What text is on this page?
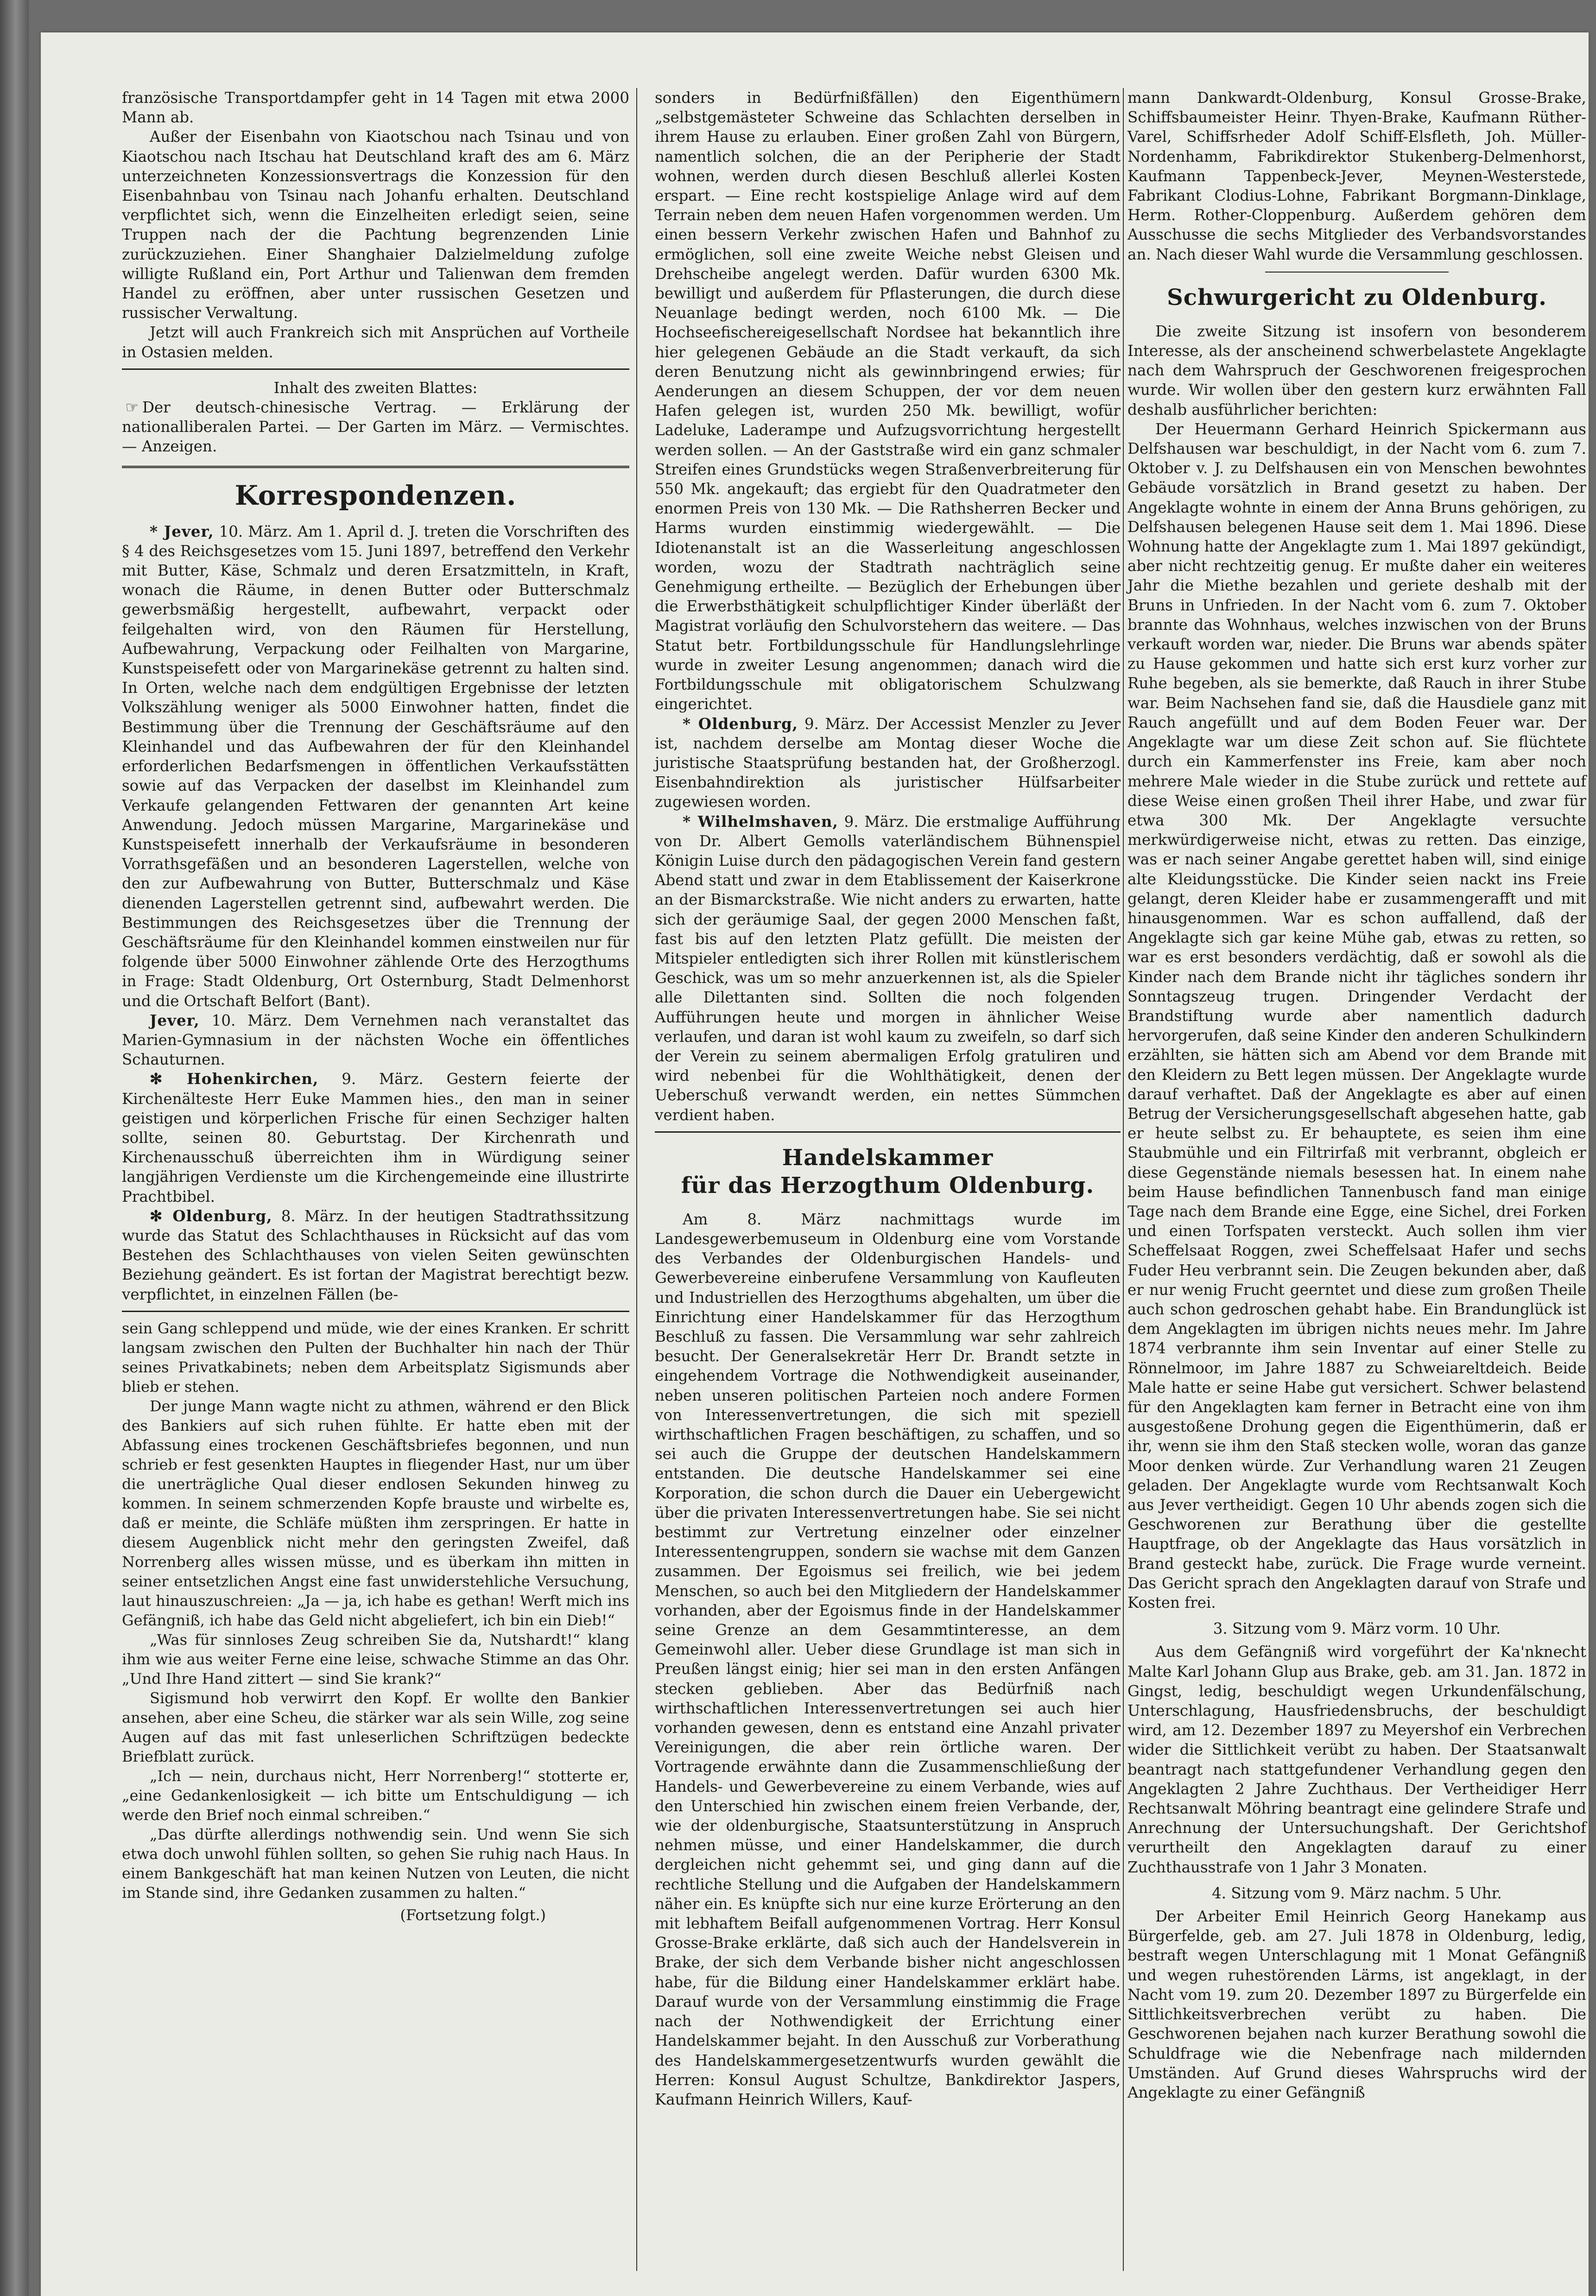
französische Transportdampfer geht in 14 Tagen mit etwa 2000 Mann ab.

Außer der Eisenbahn von Kiaotschou nach Tsinau und von Kiaotschou nach Itschau hat Deutschland kraft des am 6. März unterzeichneten Konzessionsvertrags die Konzession für den Eisenbahnbau von Tsinau nach Johanfu erhalten. Deutschland verpflichtet sich, wenn die Einzelheiten erledigt seien, seine Truppen nach der die Pachtung begrenzenden Linie zurückzuziehen. Einer Shanghaier Dalzielmeldung zufolge willigte Rußland ein, Port Arthur und Talienwan dem fremden Handel zu eröffnen, aber unter russischen Gesetzen und russischer Verwaltung.

Jetzt will auch Frankreich sich mit Ansprüchen auf Vortheile in Ostasien melden.

Inhalt des zweiten Blattes:

☞ Der deutsch-chinesische Vertrag. — Erklärung der nationalliberalen Partei. — Der Garten im März. — Vermischtes. — Anzeigen.

Korrespondenzen.

* Jever, 10. März. Am 1. April d. J. treten die Vorschriften des § 4 des Reichsgesetzes vom 15. Juni 1897, betreffend den Verkehr mit Butter, Käse, Schmalz und deren Ersatzmitteln, in Kraft, wonach die Räume, in denen Butter oder Butterschmalz gewerbsmäßig hergestellt, aufbewahrt, verpackt oder feilgehalten wird, von den Räumen für Herstellung, Aufbewahrung, Verpackung oder Feilhalten von Margarine, Kunstspeisefett oder von Margarinekäse getrennt zu halten sind. In Orten, welche nach dem endgültigen Ergebnisse der letzten Volkszählung weniger als 5000 Einwohner hatten, findet die Bestimmung über die Trennung der Geschäftsräume auf den Kleinhandel und das Aufbewahren der für den Kleinhandel erforderlichen Bedarfsmengen in öffentlichen Verkaufsstätten sowie auf das Verpacken der daselbst im Kleinhandel zum Verkaufe gelangenden Fettwaren der genannten Art keine Anwendung. Jedoch müssen Margarine, Margarinekäse und Kunstspeisefett innerhalb der Verkaufsräume in besonderen Vorrathsgefäßen und an besonderen Lagerstellen, welche von den zur Aufbewahrung von Butter, Butterschmalz und Käse dienenden Lagerstellen getrennt sind, aufbewahrt werden. Die Bestimmungen des Reichsgesetzes über die Trennung der Geschäftsräume für den Kleinhandel kommen einstweilen nur für folgende über 5000 Einwohner zählende Orte des Herzogthums in Frage: Stadt Oldenburg, Ort Osternburg, Stadt Delmenhorst und die Ortschaft Belfort (Bant).

Jever, 10. März. Dem Vernehmen nach veranstaltet das Marien-Gymnasium in der nächsten Woche ein öffentliches Schauturnen.

✻ Hohenkirchen, 9. März. Gestern feierte der Kirchenälteste Herr Euke Mammen hies., den man in seiner geistigen und körperlichen Frische für einen Sechziger halten sollte, seinen 80. Geburtstag. Der Kirchenrath und Kirchenausschuß überreichten ihm in Würdigung seiner langjährigen Verdienste um die Kirchengemeinde eine illustrirte Prachtbibel.

✻ Oldenburg, 8. März. In der heutigen Stadtrathssitzung wurde das Statut des Schlachthauses in Rücksicht auf das vom Bestehen des Schlachthauses von vielen Seiten gewünschten Beziehung geändert. Es ist fortan der Magistrat berechtigt bezw. verpflichtet, in einzelnen Fällen (be-

sein Gang schleppend und müde, wie der eines Kranken. Er schritt langsam zwischen den Pulten der Buchhalter hin nach der Thür seines Privatkabinets; neben dem Arbeitsplatz Sigismunds aber blieb er stehen.

Der junge Mann wagte nicht zu athmen, während er den Blick des Bankiers auf sich ruhen fühlte. Er hatte eben mit der Abfassung eines trockenen Geschäftsbriefes begonnen, und nun schrieb er fest gesenkten Hauptes in fliegender Hast, nur um über die unerträgliche Qual dieser endlosen Sekunden hinweg zu kommen. In seinem schmerzenden Kopfe brauste und wirbelte es, daß er meinte, die Schläfe müßten ihm zerspringen. Er hatte in diesem Augenblick nicht mehr den geringsten Zweifel, daß Norrenberg alles wissen müsse, und es überkam ihn mitten in seiner entsetzlichen Angst eine fast unwiderstehliche Versuchung, laut hinauszuschreien: „Ja — ja, ich habe es gethan! Werft mich ins Gefängniß, ich habe das Geld nicht abgeliefert, ich bin ein Dieb!“

„Was für sinnloses Zeug schreiben Sie da, Nutshardt!“ klang ihm wie aus weiter Ferne eine leise, schwache Stimme an das Ohr. „Und Ihre Hand zittert — sind Sie krank?“

Sigismund hob verwirrt den Kopf. Er wollte den Bankier ansehen, aber eine Scheu, die stärker war als sein Wille, zog seine Augen auf das mit fast unleserlichen Schriftzügen bedeckte Briefblatt zurück.

„Ich — nein, durchaus nicht, Herr Norrenberg!“ stotterte er, „eine Gedankenlosigkeit — ich bitte um Entschuldigung — ich werde den Brief noch einmal schreiben.“

„Das dürfte allerdings nothwendig sein. Und wenn Sie sich etwa doch unwohl fühlen sollten, so gehen Sie ruhig nach Haus. In einem Bankgeschäft hat man keinen Nutzen von Leuten, die nicht im Stande sind, ihre Gedanken zusammen zu halten.“

(Fortsetzung folgt.)

sonders in Bedürfnißfällen) den Eigenthümern „selbstgemästeter Schweine das Schlachten derselben in ihrem Hause zu erlauben. Einer großen Zahl von Bürgern, namentlich solchen, die an der Peripherie der Stadt wohnen, werden durch diesen Beschluß allerlei Kosten erspart. — Eine recht kostspielige Anlage wird auf dem Terrain neben dem neuen Hafen vorgenommen werden. Um einen bessern Verkehr zwischen Hafen und Bahnhof zu ermöglichen, soll eine zweite Weiche nebst Gleisen und Drehscheibe angelegt werden. Dafür wurden 6300 Mk. bewilligt und außerdem für Pflasterungen, die durch diese Neuanlage bedingt werden, noch 6100 Mk. — Die Hochseefischereigesellschaft Nordsee hat bekanntlich ihre hier gelegenen Gebäude an die Stadt verkauft, da sich deren Benutzung nicht als gewinnbringend erwies; für Aenderungen an diesem Schuppen, der vor dem neuen Hafen gelegen ist, wurden 250 Mk. bewilligt, wofür Ladeluke, Laderampe und Aufzugsvorrichtung hergestellt werden sollen. — An der Gaststraße wird ein ganz schmaler Streifen eines Grundstücks wegen Straßenverbreiterung für 550 Mk. angekauft; das ergiebt für den Quadratmeter den enormen Preis von 130 Mk. — Die Rathsherren Becker und Harms wurden einstimmig wiedergewählt. — Die Idiotenanstalt ist an die Wasserleitung angeschlossen worden, wozu der Stadtrath nachträglich seine Genehmigung ertheilte. — Bezüglich der Erhebungen über die Erwerbsthätigkeit schulpflichtiger Kinder überläßt der Magistrat vorläufig den Schulvorstehern das weitere. — Das Statut betr. Fortbildungsschule für Handlungslehrlinge wurde in zweiter Lesung angenommen; danach wird die Fortbildungsschule mit obligatorischem Schulzwang eingerichtet.

* Oldenburg, 9. März. Der Accessist Menzler zu Jever ist, nachdem derselbe am Montag dieser Woche die juristische Staatsprüfung bestanden hat, der Großherzogl. Eisenbahndirektion als juristischer Hülfsarbeiter zugewiesen worden.

* Wilhelmshaven, 9. März. Die erstmalige Aufführung von Dr. Albert Gemolls vaterländischem Bühnenspiel Königin Luise durch den pädagogischen Verein fand gestern Abend statt und zwar in dem Etablissement der Kaiserkrone an der Bismarckstraße. Wie nicht anders zu erwarten, hatte sich der geräumige Saal, der gegen 2000 Menschen faßt, fast bis auf den letzten Platz gefüllt. Die meisten der Mitspieler entledigten sich ihrer Rollen mit künstlerischem Geschick, was um so mehr anzuerkennen ist, als die Spieler alle Dilettanten sind. Sollten die noch folgenden Aufführungen heute und morgen in ähnlicher Weise verlaufen, und daran ist wohl kaum zu zweifeln, so darf sich der Verein zu seinem abermaligen Erfolg gratuliren und wird nebenbei für die Wohlthätigkeit, denen der Ueberschuß verwandt werden, ein nettes Sümmchen verdient haben.

Handelskammer
für das Herzogthum Oldenburg.

Am 8. März nachmittags wurde im Landesgewerbemuseum in Oldenburg eine vom Vorstande des Verbandes der Oldenburgischen Handels- und Gewerbevereine einberufene Versammlung von Kaufleuten und Industriellen des Herzogthums abgehalten, um über die Einrichtung einer Handelskammer für das Herzogthum Beschluß zu fassen. Die Versammlung war sehr zahlreich besucht. Der Generalsekretär Herr Dr. Brandt setzte in eingehendem Vortrage die Nothwendigkeit auseinander, neben unseren politischen Parteien noch andere Formen von Interessenvertretungen, die sich mit speziell wirthschaftlichen Fragen beschäftigen, zu schaffen, und so sei auch die Gruppe der deutschen Handelskammern entstanden. Die deutsche Handelskammer sei eine Korporation, die schon durch die Dauer ein Uebergewicht über die privaten Interessenvertretungen habe. Sie sei nicht bestimmt zur Vertretung einzelner oder einzelner Interessentengruppen, sondern sie wachse mit dem Ganzen zusammen. Der Egoismus sei freilich, wie bei jedem Menschen, so auch bei den Mitgliedern der Handelskammer vorhanden, aber der Egoismus finde in der Handelskammer seine Grenze an dem Gesammtinteresse, an dem Gemeinwohl aller. Ueber diese Grundlage ist man sich in Preußen längst einig; hier sei man in den ersten Anfängen stecken geblieben. Aber das Bedürfniß nach wirthschaftlichen Interessenvertretungen sei auch hier vorhanden gewesen, denn es entstand eine Anzahl privater Vereinigungen, die aber rein örtliche waren. Der Vortragende erwähnte dann die Zusammenschließung der Handels- und Gewerbevereine zu einem Verbande, wies auf den Unterschied hin zwischen einem freien Verbande, der, wie der oldenburgische, Staatsunterstützung in Anspruch nehmen müsse, und einer Handelskammer, die durch dergleichen nicht gehemmt sei, und ging dann auf die rechtliche Stellung und die Aufgaben der Handelskammern näher ein. Es knüpfte sich nur eine kurze Erörterung an den mit lebhaftem Beifall aufgenommenen Vortrag. Herr Konsul Grosse-Brake erklärte, daß sich auch der Handelsverein in Brake, der sich dem Verbande bisher nicht angeschlossen habe, für die Bildung einer Handelskammer erklärt habe. Darauf wurde von der Versammlung einstimmig die Frage nach der Nothwendigkeit der Errichtung einer Handelskammer bejaht. In den Ausschuß zur Vorberathung des Handelskammergesetzentwurfs wurden gewählt die Herren: Konsul August Schultze, Bankdirektor Jaspers, Kaufmann Heinrich Willers, Kauf-

mann Dankwardt-Oldenburg, Konsul Grosse-Brake, Schiffsbaumeister Heinr. Thyen-Brake, Kaufmann Rüther-Varel, Schiffsrheder Adolf Schiff-Elsfleth, Joh. Müller-Nordenhamm, Fabrikdirektor Stukenberg-Delmenhorst, Kaufmann Tappenbeck-Jever, Meynen-Westerstede, Fabrikant Clodius-Lohne, Fabrikant Borgmann-Dinklage, Herm. Rother-Cloppenburg. Außerdem gehören dem Ausschusse die sechs Mitglieder des Verbandsvorstandes an. Nach dieser Wahl wurde die Versammlung geschlossen.

Schwurgericht zu Oldenburg.

Die zweite Sitzung ist insofern von besonderem Interesse, als der anscheinend schwerbelastete Angeklagte nach dem Wahrspruch der Geschworenen freigesprochen wurde. Wir wollen über den gestern kurz erwähnten Fall deshalb ausführlicher berichten:

Der Heuermann Gerhard Heinrich Spickermann aus Delfshausen war beschuldigt, in der Nacht vom 6. zum 7. Oktober v. J. zu Delfshausen ein von Menschen bewohntes Gebäude vorsätzlich in Brand gesetzt zu haben. Der Angeklagte wohnte in einem der Anna Bruns gehörigen, zu Delfshausen belegenen Hause seit dem 1. Mai 1896. Diese Wohnung hatte der Angeklagte zum 1. Mai 1897 gekündigt, aber nicht rechtzeitig genug. Er mußte daher ein weiteres Jahr die Miethe bezahlen und geriete deshalb mit der Bruns in Unfrieden. In der Nacht vom 6. zum 7. Oktober brannte das Wohnhaus, welches inzwischen von der Bruns verkauft worden war, nieder. Die Bruns war abends später zu Hause gekommen und hatte sich erst kurz vorher zur Ruhe begeben, als sie bemerkte, daß Rauch in ihrer Stube war. Beim Nachsehen fand sie, daß die Hausdiele ganz mit Rauch angefüllt und auf dem Boden Feuer war. Der Angeklagte war um diese Zeit schon auf. Sie flüchtete durch ein Kammerfenster ins Freie, kam aber noch mehrere Male wieder in die Stube zurück und rettete auf diese Weise einen großen Theil ihrer Habe, und zwar für etwa 300 Mk. Der Angeklagte versuchte merkwürdigerweise nicht, etwas zu retten. Das einzige, was er nach seiner Angabe gerettet haben will, sind einige alte Kleidungsstücke. Die Kinder seien nackt ins Freie gelangt, deren Kleider habe er zusammengerafft und mit hinausgenommen. War es schon auffallend, daß der Angeklagte sich gar keine Mühe gab, etwas zu retten, so war es erst besonders verdächtig, daß er sowohl als die Kinder nach dem Brande nicht ihr tägliches sondern ihr Sonntagszeug trugen. Dringender Verdacht der Brandstiftung wurde aber namentlich dadurch hervorgerufen, daß seine Kinder den anderen Schulkindern erzählten, sie hätten sich am Abend vor dem Brande mit den Kleidern zu Bett legen müssen. Der Angeklagte wurde darauf verhaftet. Daß der Angeklagte es aber auf einen Betrug der Versicherungsgesellschaft abgesehen hatte, gab er heute selbst zu. Er behauptete, es seien ihm eine Staubmühle und ein Filtrirfaß mit verbrannt, obgleich er diese Gegenstände niemals besessen hat. In einem nahe beim Hause befindlichen Tannenbusch fand man einige Tage nach dem Brande eine Egge, eine Sichel, drei Forken und einen Torfspaten versteckt. Auch sollen ihm vier Scheffelsaat Roggen, zwei Scheffelsaat Hafer und sechs Fuder Heu verbrannt sein. Die Zeugen bekunden aber, daß er nur wenig Frucht geerntet und diese zum großen Theile auch schon gedroschen gehabt habe. Ein Brandunglück ist dem Angeklagten im übrigen nichts neues mehr. Im Jahre 1874 verbrannte ihm sein Inventar auf einer Stelle zu Rönnelmoor, im Jahre 1887 zu Schweiareltdeich. Beide Male hatte er seine Habe gut versichert. Schwer belastend für den Angeklagten kam ferner in Betracht eine von ihm ausgestoßene Drohung gegen die Eigenthümerin, daß er ihr, wenn sie ihm den Staß stecken wolle, woran das ganze Moor denken würde. Zur Verhandlung waren 21 Zeugen geladen. Der Angeklagte wurde vom Rechtsanwalt Koch aus Jever vertheidigt. Gegen 10 Uhr abends zogen sich die Geschworenen zur Berathung über die gestellte Hauptfrage, ob der Angeklagte das Haus vorsätzlich in Brand gesteckt habe, zurück. Die Frage wurde verneint. Das Gericht sprach den Angeklagten darauf von Strafe und Kosten frei.

3. Sitzung vom 9. März vorm. 10 Uhr.

Aus dem Gefängniß wird vorgeführt der Ka'nknecht Malte Karl Johann Glup aus Brake, geb. am 31. Jan. 1872 in Gingst, ledig, beschuldigt wegen Urkundenfälschung, Unterschlagung, Hausfriedensbruchs, der beschuldigt wird, am 12. Dezember 1897 zu Meyershof ein Verbrechen wider die Sittlichkeit verübt zu haben. Der Staatsanwalt beantragt nach stattgefundener Verhandlung gegen den Angeklagten 2 Jahre Zuchthaus. Der Vertheidiger Herr Rechtsanwalt Möhring beantragt eine gelindere Strafe und Anrechnung der Untersuchungshaft. Der Gerichtshof verurtheilt den Angeklagten darauf zu einer Zuchthausstrafe von 1 Jahr 3 Monaten.

4. Sitzung vom 9. März nachm. 5 Uhr.

Der Arbeiter Emil Heinrich Georg Hanekamp aus Bürgerfelde, geb. am 27. Juli 1878 in Oldenburg, ledig, bestraft wegen Unterschlagung mit 1 Monat Gefängniß und wegen ruhestörenden Lärms, ist angeklagt, in der Nacht vom 19. zum 20. Dezember 1897 zu Bürgerfelde ein Sittlichkeitsverbrechen verübt zu haben. Die Geschworenen bejahen nach kurzer Berathung sowohl die Schuldfrage wie die Nebenfrage nach mildernden Umständen. Auf Grund dieses Wahrspruchs wird der Angeklagte zu einer Gefängniß
